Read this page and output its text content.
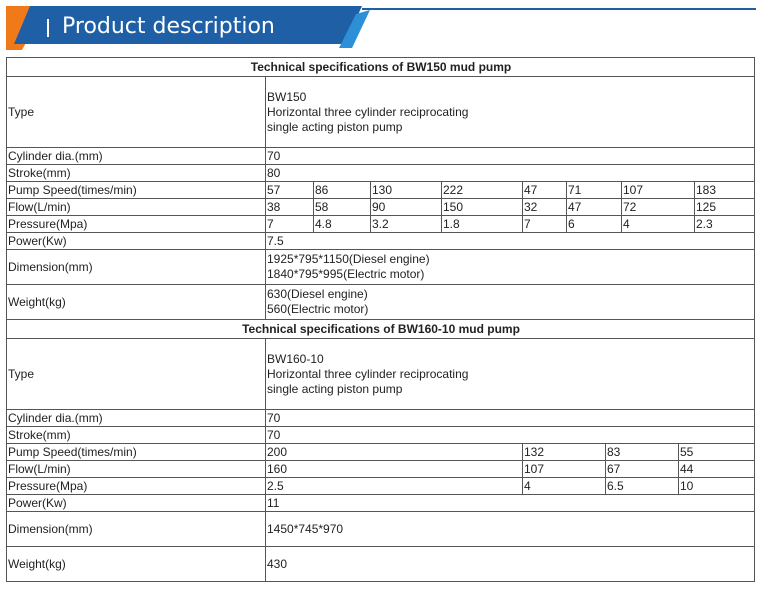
Product description
Technical specifications of BW150 mud pump										
Type	BW150
Horizontal three cylinder reciprocating
single acting piston pump									

Cylinder dia.(mm)	70									
Stroke(mm)	80									
Pump Speed(times/min)	57	86	130	222	47	71		107		183
Flow(L/min)	38	58	90	150	32	47		72		125
Pressure(Mpa)	7	4.8	3.2	1.8	7	6		4		2.3
Power(Kw)	7.5									
Dimension(mm)	1925*795*1150(Diesel engine)
1840*795*995(Electric motor)									

Weight(kg)	630(Diesel engine)
560(Electric motor)									

Technical specifications of BW160-10 mud pump										
Type	BW160-10
Horizontal three cylinder reciprocating
single acting piston pump									

Cylinder dia.(mm)	70									
Stroke(mm)	70									
Pump Speed(times/min)	200				132		83		55	
Flow(L/min)	160				107		67		44	
Pressure(Mpa)	2.5				4		6.5		10	
Power(Kw)	11									
Dimension(mm)	1450*745*970									
Weight(kg)	430									
